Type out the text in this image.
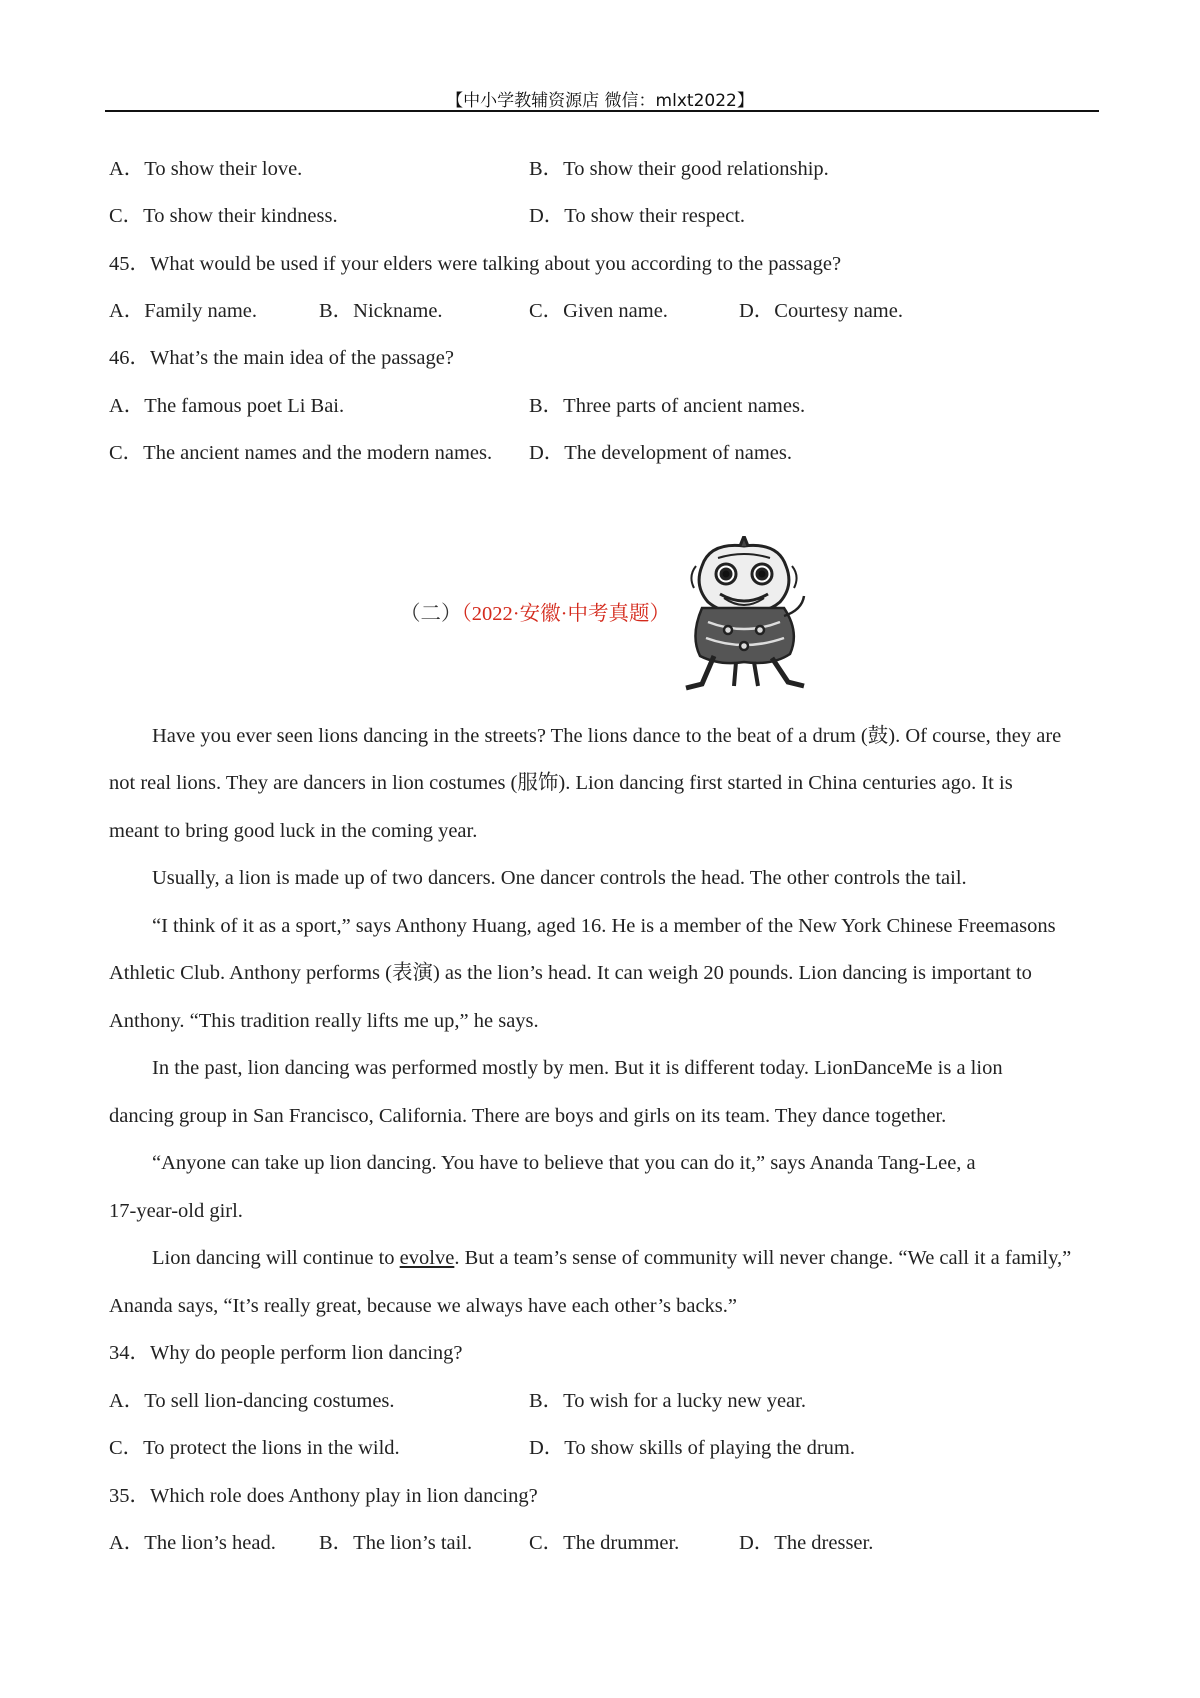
【中小学教辅资源店 微信：mlxt2022】
A．To show their love.	B．To show their good relationship.
C．To show their kindness.	D．To show their respect.
45．What would be used if your elders were talking about you according to the passage?
A．Family name.	B．Nickname.	C．Given name.	D．Courtesy name.
46．What’s the main idea of the passage?
A．The famous poet Li Bai.	B．Three parts of ancient names.
C．The ancient names and the modern names. D．The development of names.
（二）（2022·安徽·中考真题）
Have you ever seen lions dancing in the streets? The lions dance to the beat of a drum (鼓). Of course, they are
not real lions. They are dancers in lion costumes (服饰). Lion dancing first started in China centuries ago. It is
meant to bring good luck in the coming year.
Usually, a lion is made up of two dancers. One dancer controls the head. The other controls the tail.
“I think of it as a sport,” says Anthony Huang, aged 16. He is a member of the New York Chinese Freemasons
Athletic Club. Anthony performs (表演) as the lion’s head. It can weigh 20 pounds. Lion dancing is important to
Anthony. “This tradition really lifts me up,” he says.
In the past, lion dancing was performed mostly by men. But it is different today. LionDanceMe is a lion
dancing group in San Francisco, California. There are boys and girls on its team. They dance together.
“Anyone can take up lion dancing. You have to believe that you can do it,” says Ananda Tang-Lee, a
17-year-old girl.
Lion dancing will continue to evolve. But a team’s sense of community will never change. “We call it a family,”
Ananda says, “It’s really great, because we always have each other’s backs.”
34．Why do people perform lion dancing?
A．To sell lion-dancing costumes.	B．To wish for a lucky new year.
C．To protect the lions in the wild.	D．To show skills of playing the drum.
35．Which role does Anthony play in lion dancing?
A．The lion’s head. B．The lion’s tail.	C．The drummer.	D．The dresser.
